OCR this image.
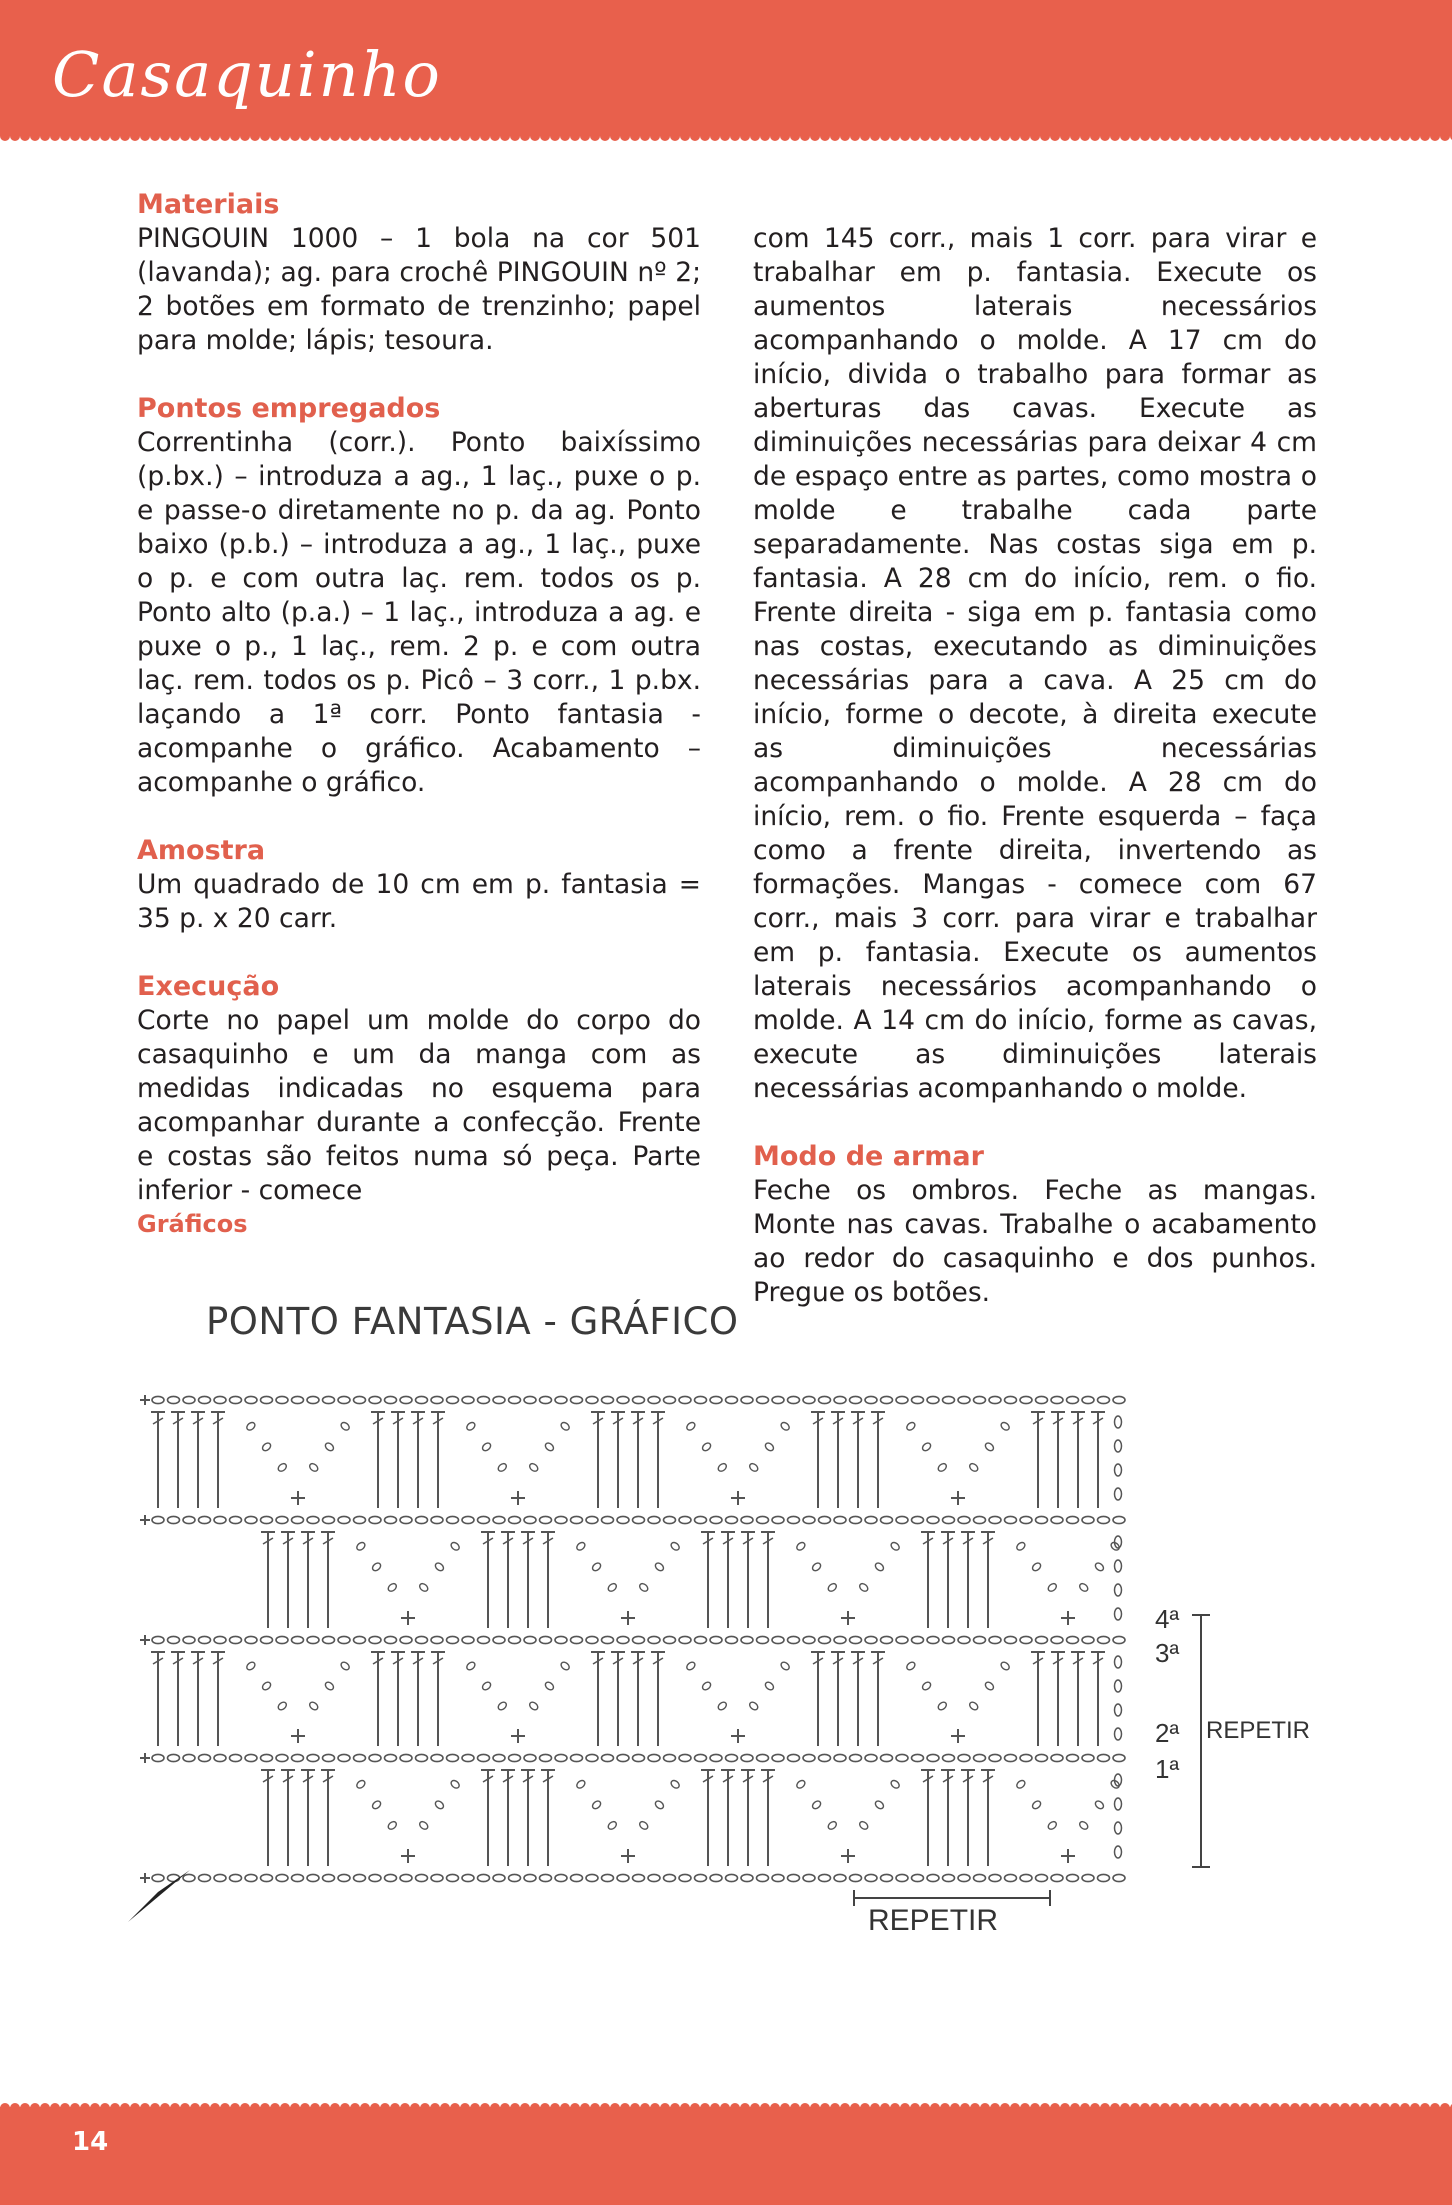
Casaquinho
Materiais
PINGOUIN 1000 – 1 bola na cor 501 (lavanda); ag. para crochê PINGOUIN nº 2; 2 botões em formato de trenzinho; papel para molde; lápis; tesoura.
Pontos empregados
Correntinha (corr.). Ponto baixíssimo (p.bx.) – introduza a ag., 1 laç., puxe o p. e passe-o diretamente no p. da ag. Ponto baixo (p.b.) – introduza a ag., 1 laç., puxe o p. e com outra laç. rem. todos os p. Ponto alto (p.a.) – 1 laç., introduza a ag. e puxe o p., 1 laç., rem. 2 p. e com outra laç. rem. todos os p. Picô – 3 corr., 1 p.bx. laçando a 1ª corr. Ponto fantasia - acompanhe o gráfico. Acabamento – acompanhe o gráfico.
Amostra
Um quadrado de 10 cm em p. fantasia = 35 p. x 20 carr.
Execução
Corte no papel um molde do corpo do casaquinho e um da manga com as medidas indicadas no esquema para acompanhar durante a confecção. Frente e costas são feitos numa só peça. Parte inferior - comece
com 145 corr., mais 1 corr. para virar e trabalhar em p. fantasia. Execute os aumentos laterais necessários acompanhando o molde. A 17 cm do início, divida o trabalho para formar as aberturas das cavas. Execute as diminuições necessárias para deixar 4 cm de espaço entre as partes, como mostra o molde e trabalhe cada parte separadamente. Nas costas siga em p. fantasia. A 28 cm do início, rem. o fio. Frente direita - siga em p. fantasia como nas costas, executando as diminuições necessárias para a cava. A 25 cm do início, forme o decote, à direita execute as diminuições necessárias acompanhando o molde. A 28 cm do início, rem. o fio. Frente esquerda – faça como a frente direita, invertendo as formações. Mangas - comece com 67 corr., mais 3 corr. para virar e trabalhar em p. fantasia. Execute os aumentos laterais necessários acompanhando o molde. A 14 cm do início, forme as cavas, execute as diminuições laterais necessárias acompanhando o molde.
Modo de armar
Feche os ombros. Feche as mangas. Monte nas cavas. Trabalhe o acabamento ao redor do casaquinho e dos punhos. Pregue os botões.
Gráficos
PONTO FANTASIA - GRÁFICO
REPETIR
4ª
3ª
2ª
1ª
REPETIR
14
